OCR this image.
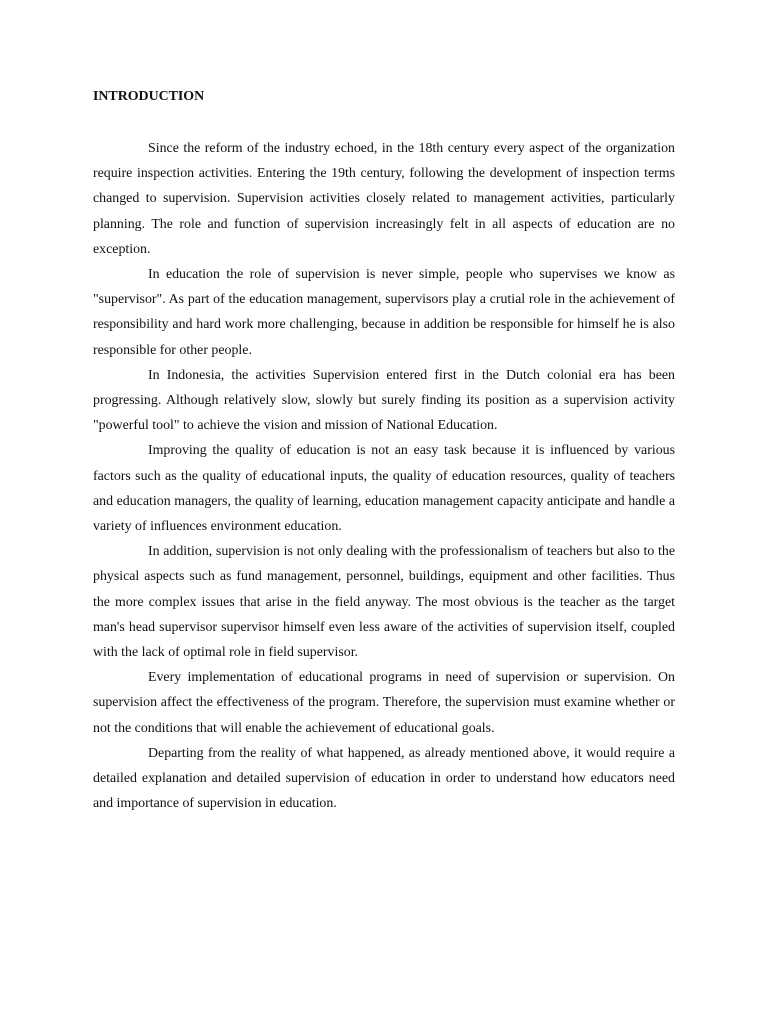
INTRODUCTION

Since the reform of the industry echoed, in the 18th century every aspect of the organization require inspection activities. Entering the 19th century, following the development of inspection terms changed to supervision. Supervision activities closely related to management activities, particularly planning. The role and function of supervision increasingly felt in all aspects of education are no exception.

In education the role of supervision is never simple, people who supervises we know as "supervisor". As part of the education management, supervisors play a crutial role in the achievement of responsibility and hard work more challenging, because in addition be responsible for himself he is also responsible for other people.

In Indonesia, the activities Supervision entered first in the Dutch colonial era has been progressing. Although relatively slow, slowly but surely finding its position as a supervision activity "powerful tool" to achieve the vision and mission of National Education.

Improving the quality of education is not an easy task because it is influenced by various factors such as the quality of educational inputs, the quality of education resources, quality of teachers and education managers, the quality of learning, education management capacity anticipate and handle a variety of influences environment education.

In addition, supervision is not only dealing with the professionalism of teachers but also to the physical aspects such as fund management, personnel, buildings, equipment and other facilities. Thus the more complex issues that arise in the field anyway. The most obvious is the teacher as the target man's head supervisor supervisor himself even less aware of the activities of supervision itself, coupled with the lack of optimal role in field supervisor.

Every implementation of educational programs in need of supervision or supervision. On supervision affect the effectiveness of the program. Therefore, the supervision must examine whether or not the conditions that will enable the achievement of educational goals.

Departing from the reality of what happened, as already mentioned above, it would require a detailed explanation and detailed supervision of education in order to understand how educators need and importance of supervision in education.
